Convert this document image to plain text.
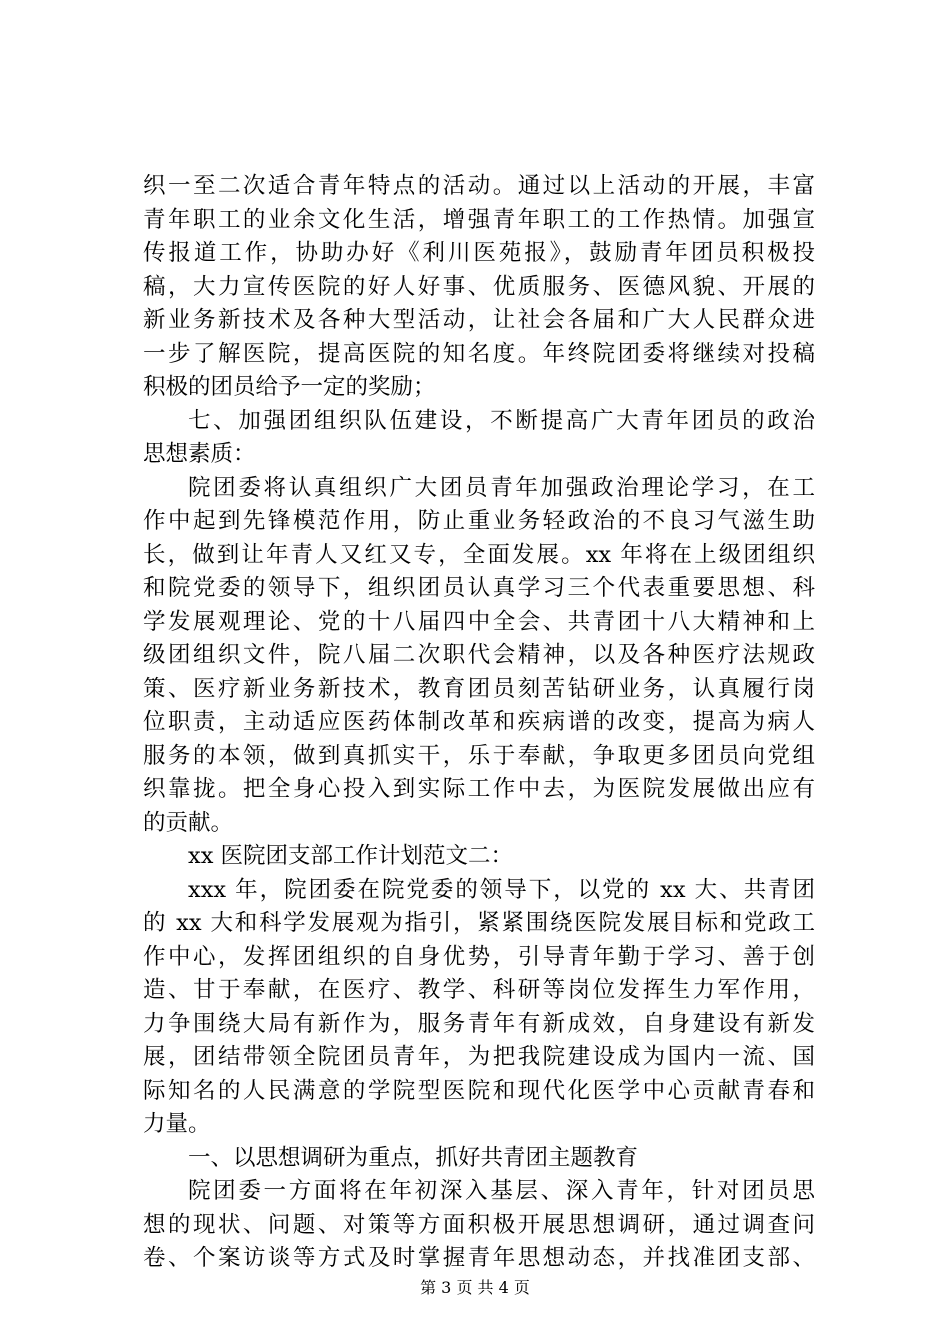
织一至二次适合青年特点的活动。通过以上活动的开展，丰富
青年职工的业余文化生活，增强青年职工的工作热情。加强宣
传报道工作，协助办好《利川医苑报》，鼓励青年团员积极投
稿，大力宣传医院的好人好事、优质服务、医德风貌、开展的
新业务新技术及各种大型活动，让社会各届和广大人民群众进
一步了解医院，提高医院的知名度。年终院团委将继续对投稿
积极的团员给予一定的奖励；
七、加强团组织队伍建设，不断提高广大青年团员的政治
思想素质：
院团委将认真组织广大团员青年加强政治理论学习，在工
作中起到先锋模范作用，防止重业务轻政治的不良习气滋生助
长，做到让年青人又红又专，全面发展。xx 年将在上级团组织
和院党委的领导下，组织团员认真学习三个代表重要思想、科
学发展观理论、党的十八届四中全会、共青团十八大精神和上
级团组织文件，院八届二次职代会精神，以及各种医疗法规政
策、医疗新业务新技术，教育团员刻苦钻研业务，认真履行岗
位职责，主动适应医药体制改革和疾病谱的改变，提高为病人
服务的本领，做到真抓实干，乐于奉献，争取更多团员向党组
织靠拢。把全身心投入到实际工作中去，为医院发展做出应有
的贡献。
xx 医院团支部工作计划范文二：
xxx 年，院团委在院党委的领导下，以党的 xx 大、共青团
的 xx 大和科学发展观为指引，紧紧围绕医院发展目标和党政工
作中心，发挥团组织的自身优势，引导青年勤于学习、善于创
造、甘于奉献，在医疗、教学、科研等岗位发挥生力军作用，
力争围绕大局有新作为，服务青年有新成效，自身建设有新发
展，团结带领全院团员青年，为把我院建设成为国内一流、国
际知名的人民满意的学院型医院和现代化医学中心贡献青春和
力量。
一、以思想调研为重点，抓好共青团主题教育
院团委一方面将在年初深入基层、深入青年，针对团员思
想的现状、问题、对策等方面积极开展思想调研，通过调查问
卷、个案访谈等方式及时掌握青年思想动态，并找准团支部、
第 3 页 共 4 页
